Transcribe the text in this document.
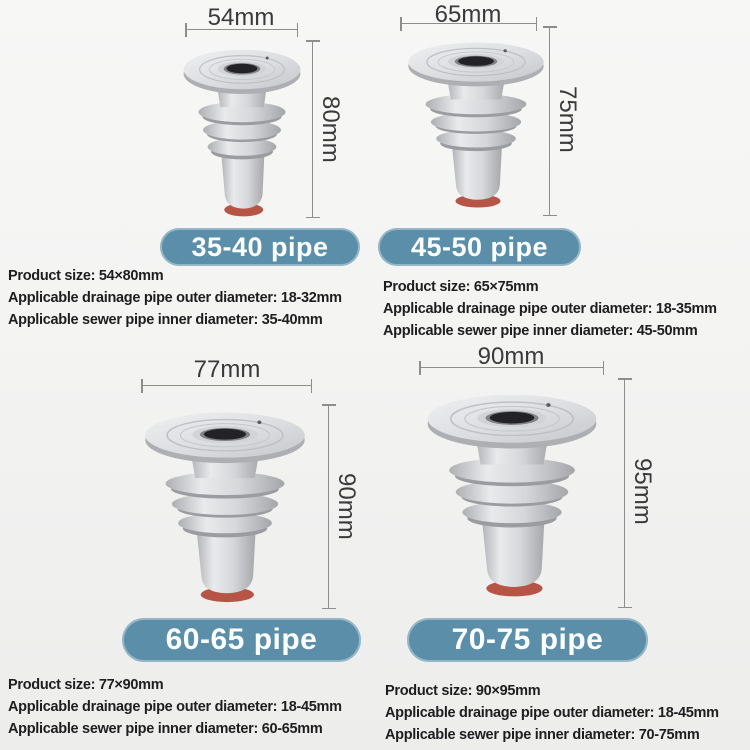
54mm
80mm
35-40 pipe
Product size: 54×80mm
Applicable drainage pipe outer diameter: 18-32mm
Applicable sewer pipe inner diameter: 35-40mm
65mm
75mm
45-50 pipe
Product size: 65×75mm
Applicable drainage pipe outer diameter: 18-35mm
Applicable sewer pipe inner diameter: 45-50mm
77mm
90mm
60-65 pipe
Product size: 77×90mm
Applicable drainage pipe outer diameter: 18-45mm
Applicable sewer pipe inner diameter: 60-65mm
90mm
95mm
70-75 pipe
Product size: 90×95mm
Applicable drainage pipe outer diameter: 18-45mm
Applicable sewer pipe inner diameter: 70-75mm
